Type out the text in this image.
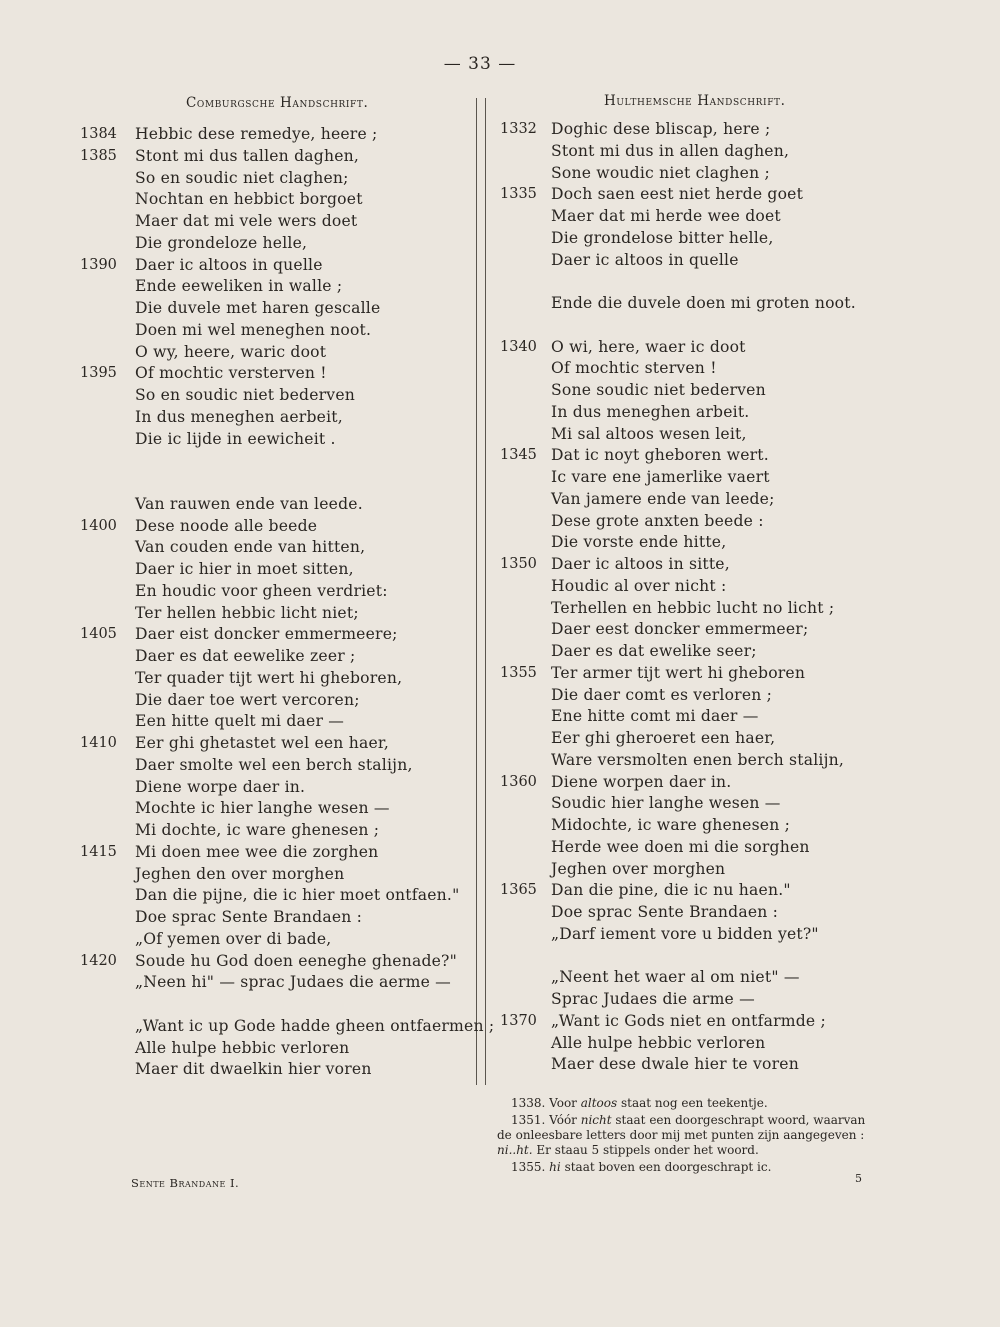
— 33 —
Comburgsche Handschrift.	Hulthemsche Handschrift.
Hebbic dese remedye, heere ;
Stont mi dus tallen daghen,
So en soudic niet claghen;
Nochtan en hebbict borgoet
Maer dat mi vele wers doet
Die grondeloze helle,
Daer ic altoos in quelle
Ende eeweliken in walle ;
Die duvele met haren gescalle
Doen mi wel meneghen noot.
O wy, heere, waric doot
Of mochtic versterven !
So en soudic niet bederven
In dus meneghen aerbeit,
Die ic lijde in eewicheit .
Van rauwen ende van leede.
Dese noode alle beede
Van couden ende van hitten,
Daer ic hier in moet sitten,
En houdic voor gheen verdriet:
Ter hellen hebbic licht niet;
Daer eist doncker emmermeere;
Daer es dat eewelike zeer ;
Ter quader tijt wert hi gheboren,
Die daer toe wert vercoren;
Een hitte quelt mi daer —
Eer ghi ghetastet wel een haer,
Daer smolte wel een berch stalijn,
Diene worpe daer in.
Mochte ic hier langhe wesen —
Mi dochte, ic ware ghenesen ;
Mi doen mee wee die zorghen
Jeghen den over morghen
Dan die pijne, die ic hier moet ontfaen."
Doe sprac Sente Brandaen :
„Of yemen over di bade,
Soude hu God doen eeneghe ghenade?"
„Neen hi" — sprac Judaes die aerme —
„Want ic up Gode hadde gheen ontfaermen ;
Alle hulpe hebbic verloren
Maer dit dwaelkin hier voren
1384
1385
1390
1395
1400
1405
1410
1415
1420
Doghic dese bliscap, here ;
Stont mi dus in allen daghen,
Sone woudic niet claghen ;
Doch saen eest niet herde goet
Maer dat mi herde wee doet
Die grondelose bitter helle,
Daer ic altoos in quelle
Ende die duvele doen mi groten noot.
O wi, here, waer ic doot
Of mochtic sterven !
Sone soudic niet bederven
In dus meneghen arbeit.
Mi sal altoos wesen leit,
Dat ic noyt gheboren wert.
Ic vare ene jamerlike vaert
Van jamere ende van leede;
Dese grote anxten beede :
Die vorste ende hitte,
Daer ic altoos in sitte,
Houdic al over nicht :
Terhellen en hebbic lucht no licht ;
Daer eest doncker emmermeer;
Daer es dat ewelike seer;
Ter armer tijt wert hi gheboren
Die daer comt es verloren ;
Ene hitte comt mi daer —
Eer ghi gheroeret een haer,
Ware versmolten enen berch stalijn,
Diene worpen daer in.
Soudic hier langhe wesen —
Midochte, ic ware ghenesen ;
Herde wee doen mi die sorghen
Jeghen over morghen
Dan die pine, die ic nu haen."
Doe sprac Sente Brandaen :
„Darf iement vore u bidden yet?"
„Neent het waer al om niet" —
Sprac Judaes die arme —
„Want ic Gods niet en ontfarmde ;
Alle hulpe hebbic verloren
Maer dese dwale hier te voren
1332
1335
1340
1345
1350
1355
1360
1365
1370
1338. Voor altoos staat nog een teekentje.
1351. Vóór nicht staat een doorgeschrapt woord, waarvan
de onleesbare letters door mij met punten zijn aangegeven :
ni..ht. Er staau 5 stippels onder het woord.
1355. hi staat boven een doorgeschrapt ic.
Sente Brandane I.	5
